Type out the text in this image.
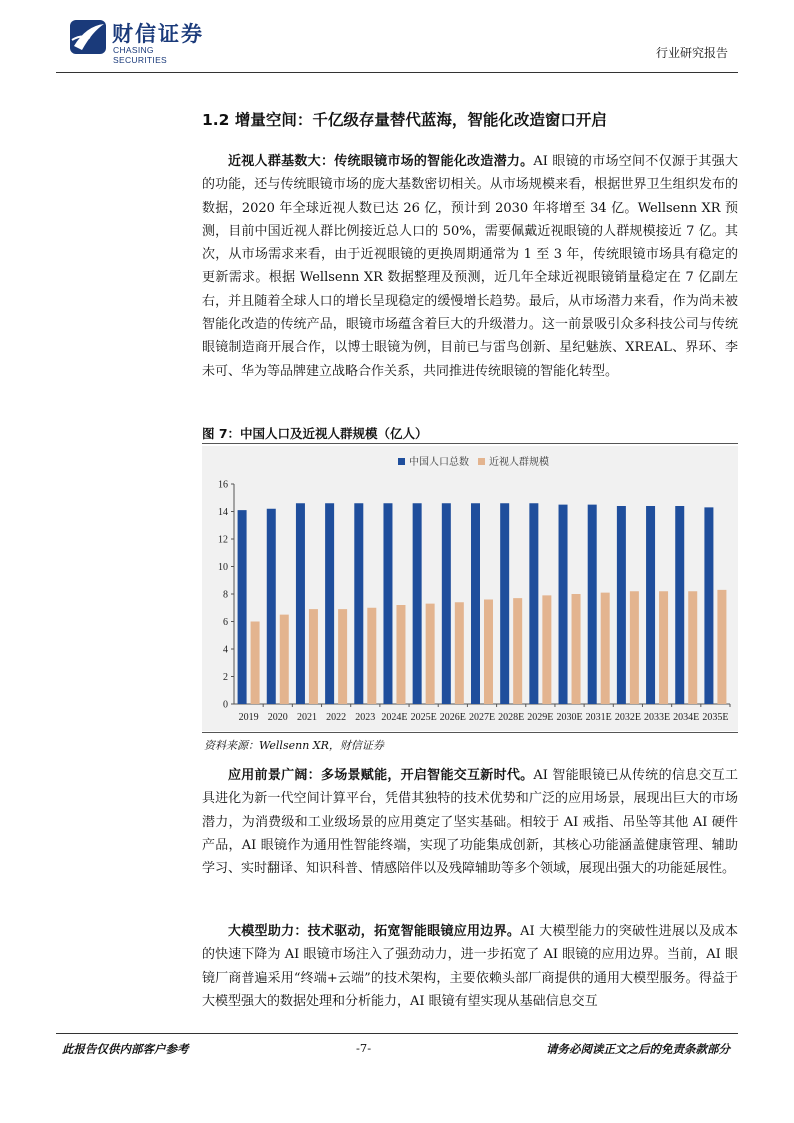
财信证券
CHASING SECURITIES	行业研究报告
1.2 增量空间：千亿级存量替代蓝海，智能化改造窗口开启
近视人群基数大：传统眼镜市场的智能化改造潜力。AI 眼镜的市场空间不仅源于其强大的功能，还与传统眼镜市场的庞大基数密切相关。从市场规模来看，根据世界卫生组织发布的数据，2020 年全球近视人数已达 26 亿，预计到 2030 年将增至 34 亿。Wellsenn XR 预测，目前中国近视人群比例接近总人口的 50%，需要佩戴近视眼镜的人群规模接近 7 亿。其次，从市场需求来看，由于近视眼镜的更换周期通常为 1 至 3 年，传统眼镜市场具有稳定的更新需求。根据 Wellsenn XR 数据整理及预测，近几年全球近视眼镜销量稳定在 7 亿副左右，并且随着全球人口的增长呈现稳定的缓慢增长趋势。最后，从市场潜力来看，作为尚未被智能化改造的传统产品，眼镜市场蕴含着巨大的升级潜力。这一前景吸引众多科技公司与传统眼镜制造商开展合作，以博士眼镜为例，目前已与雷鸟创新、星纪魅族、XREAL、界环、李未可、华为等品牌建立战略合作关系，共同推进传统眼镜的智能化转型。
图 7：中国人口及近视人群规模（亿人）
中国人口总数 近视人群规模
0
2
4
6
8
10
12
14
16
2019 2020 2021 2022 2023 2024E 2025E 2026E 2027E 2028E 2029E 2030E 2031E 2032E 2033E 2034E 2035E
资料来源：Wellsenn XR，财信证券
应用前景广阔：多场景赋能，开启智能交互新时代。AI 智能眼镜已从传统的信息交互工具进化为新一代空间计算平台，凭借其独特的技术优势和广泛的应用场景，展现出巨大的市场潜力，为消费级和工业级场景的应用奠定了坚实基础。相较于 AI 戒指、吊坠等其他 AI 硬件产品，AI 眼镜作为通用性智能终端，实现了功能集成创新，其核心功能涵盖健康管理、辅助学习、实时翻译、知识科普、情感陪伴以及残障辅助等多个领域，展现出强大的功能延展性。
大模型助力：技术驱动，拓宽智能眼镜应用边界。AI 大模型能力的突破性进展以及成本的快速下降为 AI 眼镜市场注入了强劲动力，进一步拓宽了 AI 眼镜的应用边界。当前，AI 眼镜厂商普遍采用“终端+云端”的技术架构，主要依赖头部厂商提供的通用大模型服务。得益于大模型强大的数据处理和分析能力，AI 眼镜有望实现从基础信息交互
此报告仅供内部客户参考	-7-	请务必阅读正文之后的免责条款部分
